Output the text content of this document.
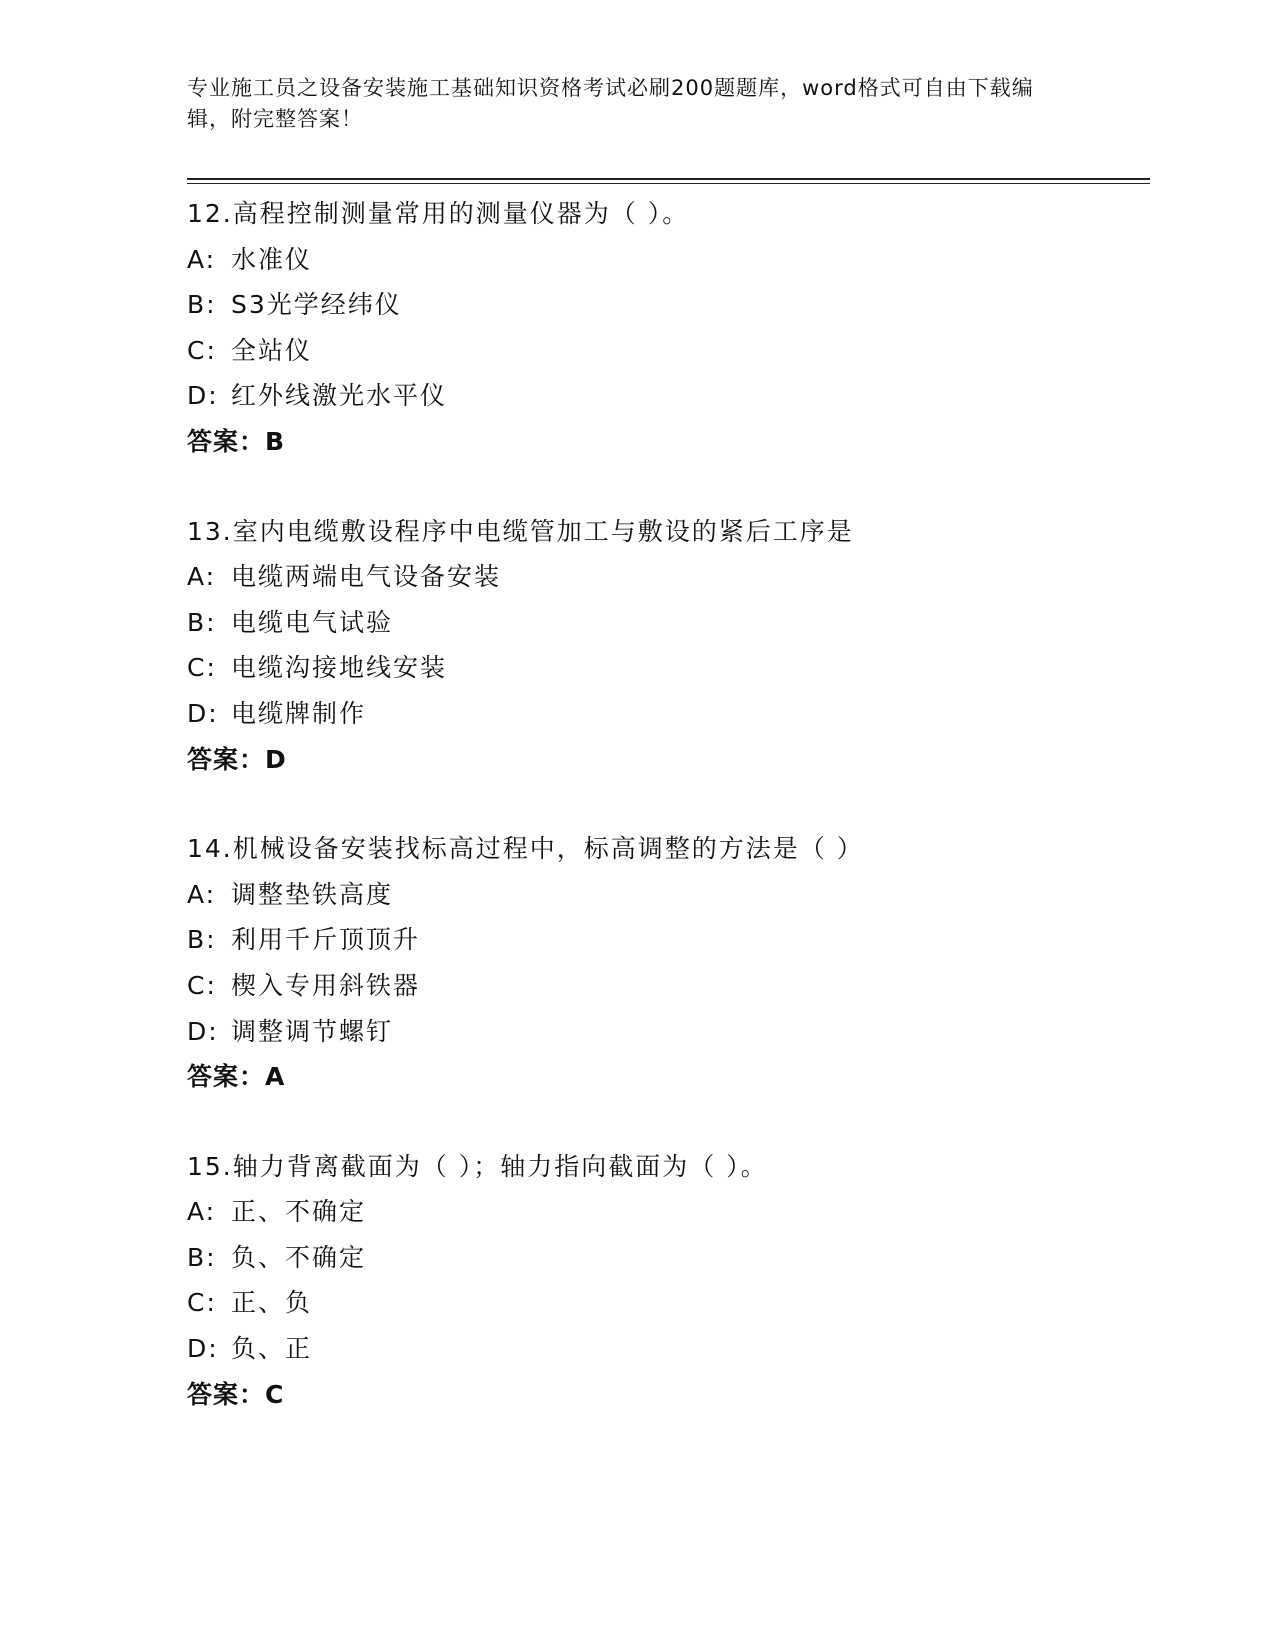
专业施工员之设备安装施工基础知识资格考试必刷200题题库，word格式可自由下载编辑，附完整答案！
12.高程控制测量常用的测量仪器为（ ）。
A: 水准仪
B: S3光学经纬仪
C: 全站仪
D: 红外线激光水平仪
答案：B
13.室内电缆敷设程序中电缆管加工与敷设的紧后工序是
A: 电缆两端电气设备安装
B: 电缆电气试验
C: 电缆沟接地线安装
D: 电缆牌制作
答案：D
14.机械设备安装找标高过程中，标高调整的方法是（ ）
A: 调整垫铁高度
B: 利用千斤顶顶升
C: 楔入专用斜铁器
D: 调整调节螺钉
答案：A
15.轴力背离截面为（ ）；轴力指向截面为（ ）。
A: 正、不确定
B: 负、不确定
C: 正、负
D: 负、正
答案：C
